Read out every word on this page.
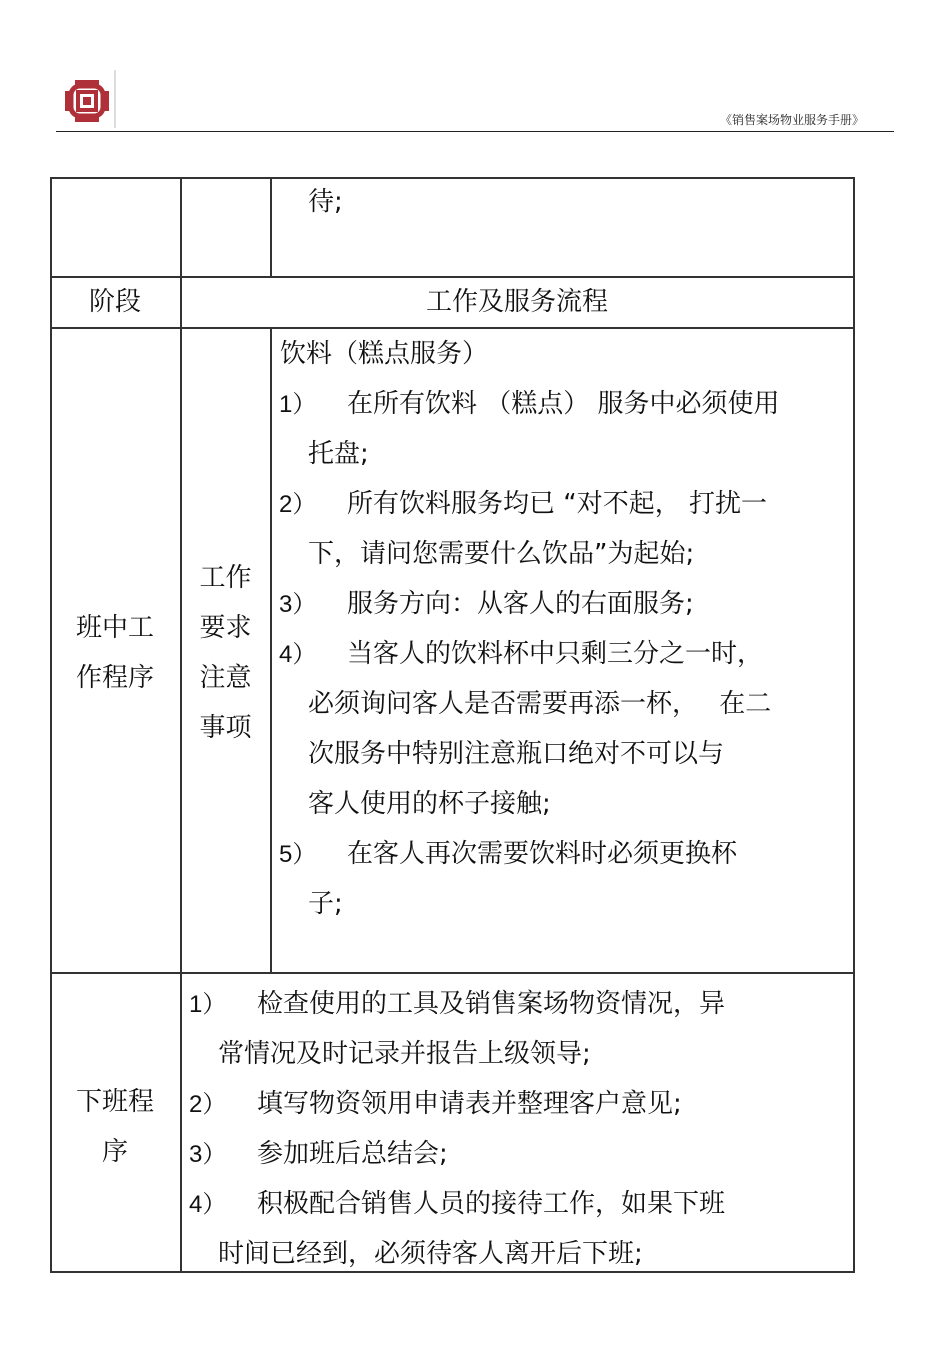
《销售案场物业服务手册》
待;
阶段	工作及服务流程
班中工
作程序
工作
要求
注意
事项
饮料（糕点服务）
1） 在所有饮料 （糕点） 服务中必须使用
托盘;
2） 所有饮料服务均已 “对不起， 打扰一
下，请问您需要什么饮品”为起始;
3） 服务方向：从客人的右面服务;
4） 当客人的饮料杯中只剩三分之一时，
必须询问客人是否需要再添一杯，　 在二
次服务中特别注意瓶口绝对不可以与
客人使用的杯子接触;
5） 在客人再次需要饮料时必须更换杯
子;
下班程
序
1） 检查使用的工具及销售案场物资情况，异
常情况及时记录并报告上级领导;
2） 填写物资领用申请表并整理客户意见;
3） 参加班后总结会;
4） 积极配合销售人员的接待工作，如果下班
时间已经到，必须待客人离开后下班;
